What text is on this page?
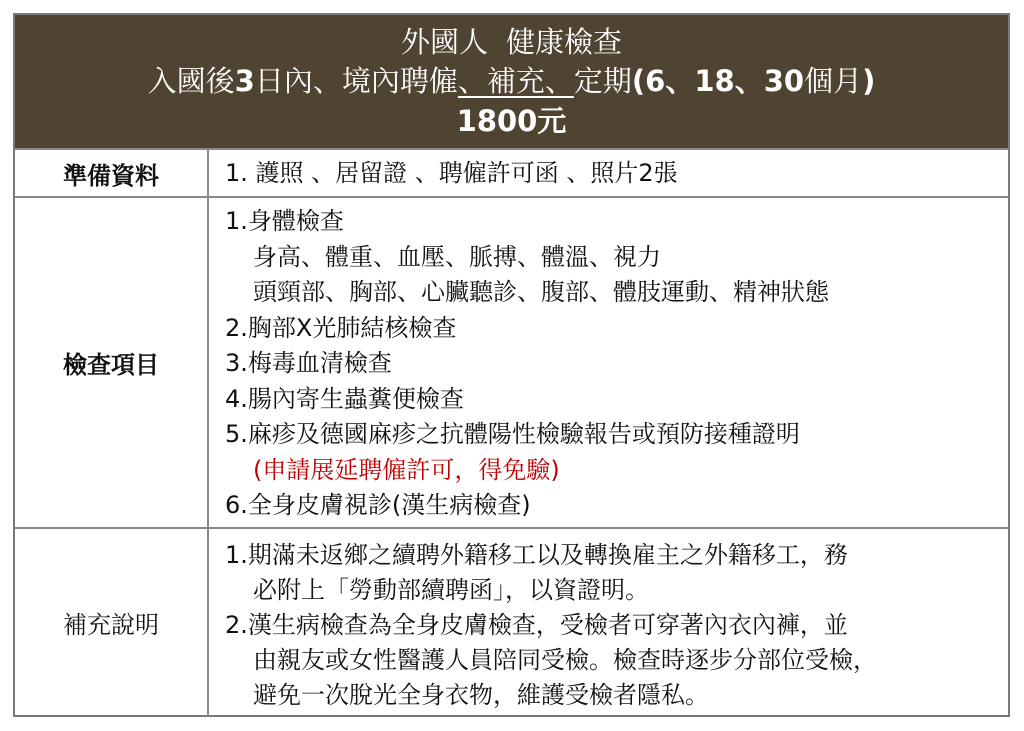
外國人 健康檢查
入國後3日內、境內聘僱、補充、定期(6、18、30個月)
1800元
準備資料	1. 護照 、居留證 、聘僱許可函 、照片2張
檢查項目
1.身體檢查
身高、體重、血壓、脈搏、體溫、視力
頭頸部、胸部、心臟聽診、腹部、體肢運動、精神狀態
2.胸部X光肺結核檢查
3.梅毒血清檢查
4.腸內寄生蟲糞便檢查
5.麻疹及德國麻疹之抗體陽性檢驗報告或預防接種證明
(申請展延聘僱許可，得免驗)
6.全身皮膚視診(漢生病檢查)
補充說明
1.期滿未返鄉之續聘外籍移工以及轉換雇主之外籍移工，務
必附上「勞動部續聘函」，以資證明。
2.漢生病檢查為全身皮膚檢查，受檢者可穿著內衣內褲，並
由親友或女性醫護人員陪同受檢。檢查時逐步分部位受檢，
避免一次脫光全身衣物，維護受檢者隱私。
